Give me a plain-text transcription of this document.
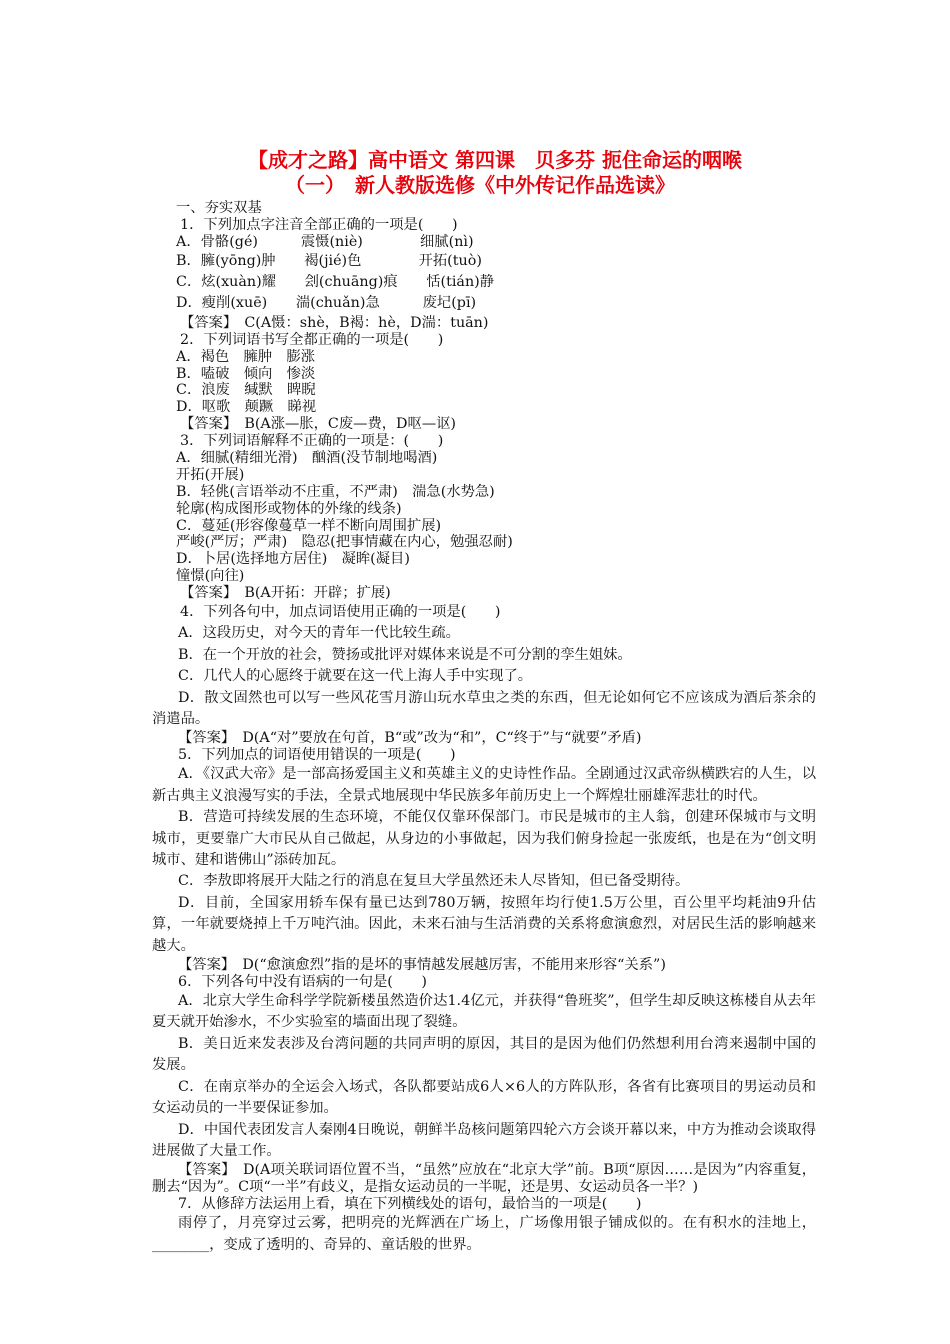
【成才之路】高中语文 第四课　贝多芬 扼住命运的咽喉
（一）　新人教版选修《中外传记作品选读》
一、夯实双基
1．下列加点字注音全部正确的一项是(　　)
A．骨骼(gé)　　　震慑(niè)　　　　细腻(nì)
B．臃(yōng)肿　　褐(jié)色　　　　开拓(tuò)
C．炫(xuàn)耀　　刽(chuāng)痕　　恬(tián)静
D．瘦削(xuē)　　湍(chuǎn)急　　　废圮(pī)
【答案】　C(A慑：shè，B褐：hè，D湍：tuān)
2．下列词语书写全都正确的一项是(　　)
A．褐色　臃肿　膨涨
B．嗑破　倾向　惨淡
C．浪废　缄默　睥睨
D．呕歌　颠蹶　睇视
【答案】　B(A涨—胀，C废—费，D呕—讴)
3．下列词语解释不正确的一项是：(　　)
A．细腻(精细光滑)　酗酒(没节制地喝酒)
开拓(开展)
B．轻佻(言语举动不庄重，不严肃)　湍急(水势急)
轮廓(构成图形或物体的外缘的线条)
C．蔓延(形容像蔓草一样不断向周围扩展)
严峻(严厉；严肃)　隐忍(把事情藏在内心，勉强忍耐)
D．卜居(选择地方居住)　凝眸(凝目)
憧憬(向往)
【答案】　B(A开拓：开辟；扩展)
4．下列各句中，加点词语使用正确的一项是(　　)
A．这段历史，对今天的青年一代比较生疏。
B．在一个开放的社会，赞扬或批评对媒体来说是不可分割的孪生姐妹。
C．几代人的心愿终于就要在这一代上海人手中实现了。
D．散文固然也可以写一些风花雪月游山玩水草虫之类的东西，但无论如何它不应该成为酒后茶余的消遣品。
【答案】　D(A“对”要放在句首，B“或”改为“和”，C“终于”与“就要”矛盾)
5．下列加点的词语使用错误的一项是(　　)
A．《汉武大帝》是一部高扬爱国主义和英雄主义的史诗性作品。全剧通过汉武帝纵横跌宕的人生，以新古典主义浪漫写实的手法，全景式地展现中华民族多年前历史上一个辉煌壮丽雄浑悲壮的时代。
B．营造可持续发展的生态环境，不能仅仅靠环保部门。市民是城市的主人翁，创建环保城市与文明城市，更要靠广大市民从自己做起，从身边的小事做起，因为我们俯身捡起一张废纸，也是在为“创文明城市、建和谐佛山”添砖加瓦。
C．李敖即将展开大陆之行的消息在复旦大学虽然还未人尽皆知，但已备受期待。
D．目前，全国家用轿车保有量已达到780万辆，按照年均行使1.5万公里，百公里平均耗油9升估算，一年就要烧掉上千万吨汽油。因此，未来石油与生活消费的关系将愈演愈烈，对居民生活的影响越来越大。
【答案】　D(“愈演愈烈”指的是坏的事情越发展越厉害，不能用来形容“关系”)
6．下列各句中没有语病的一句是(　　)
A．北京大学生命科学学院新楼虽然造价达1.4亿元，并获得“鲁班奖”，但学生却反映这栋楼自从去年夏天就开始渗水，不少实验室的墙面出现了裂缝。
B．美日近来发表涉及台湾问题的共同声明的原因，其目的是因为他们仍然想利用台湾来遏制中国的发展。
C．在南京举办的全运会入场式，各队都要站成6人×6人的方阵队形，各省有比赛项目的男运动员和女运动员的一半要保证参加。
D．中国代表团发言人秦刚4日晚说，朝鲜半岛核问题第四轮六方会谈开幕以来，中方为推动会谈取得进展做了大量工作。
【答案】　D(A项关联词语位置不当，“虽然”应放在“北京大学”前。B项“原因……是因为”内容重复，删去“因为”。C项“一半”有歧义，是指女运动员的一半呢，还是男、女运动员各一半？)
7．从修辞方法运用上看，填在下列横线处的语句，最恰当的一项是(　　)
雨停了，月亮穿过云雾，把明亮的光辉洒在广场上，广场像用银子铺成似的。在有积水的洼地上，________，变成了透明的、奇异的、童话般的世界。
